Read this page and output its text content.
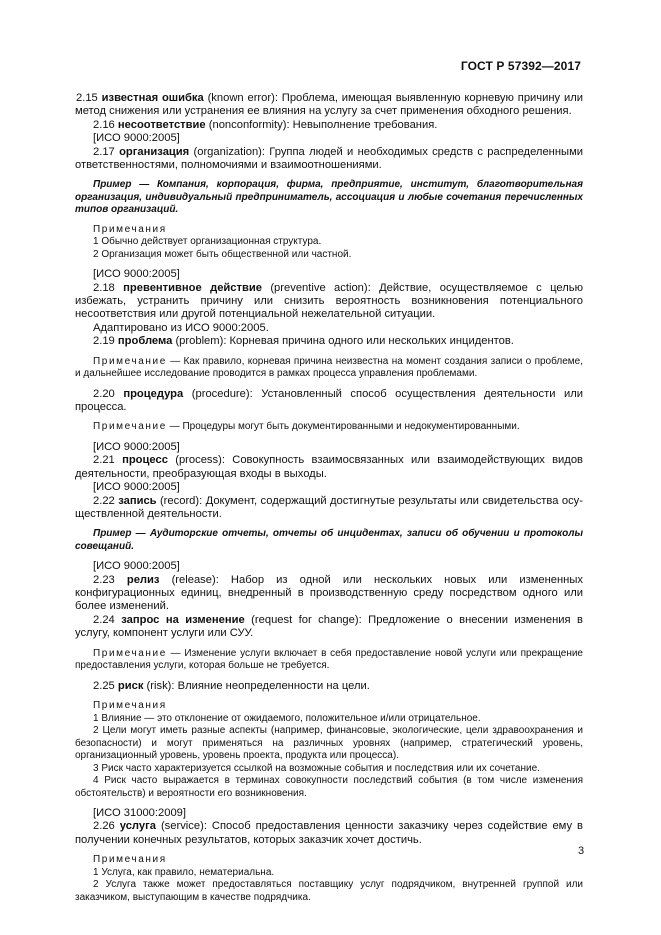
ГОСТ Р 57392—2017

2.15 известная ошибка (known error): Проблема, имеющая выявленную корневую причину или метод снижения или устранения ее влияния на услугу за счет применения обходного решения.

2.16 несоответствие (nonconformity): Невыполнение требования.

[ИСО 9000:2005]

2.17 организация (organization): Группа людей и необходимых средств с распределенными ответственностями, полномочиями и взаимоотношениями.

Пример — Компания, корпорация, фирма, предприятие, институт, благотворительная организация, индивидуальный предприниматель, ассоциация и любые сочетания перечисленных типов организаций.

Примечания

1 Обычно действует организационная структура.

2 Организация может быть общественной или частной.

[ИСО 9000:2005]

2.18 превентивное действие (preventive action): Действие, осуществляемое с целью избежать, устранить причину или снизить вероятность возникновения потенциального несоответствия или другой потенциальной нежелательной ситуации.

Адаптировано из ИСО 9000:2005.

2.19 проблема (problem): Корневая причина одного или нескольких инцидентов.

Примечание — Как правило, корневая причина неизвестна на момент создания записи о проблеме, и дальнейшее исследование проводится в рамках процесса управления проблемами.

2.20 процедура (procedure): Установленный способ осуществления деятельности или процесса.

Примечание — Процедуры могут быть документированными и недокументированными.

[ИСО 9000:2005]

2.21 процесс (process): Совокупность взаимосвязанных или взаимодействующих видов деятельности, преобразующая входы в выходы.

[ИСО 9000:2005]

2.22 запись (record): Документ, содержащий достигнутые результаты или свидетельства осуществленной деятельности.

Пример — Аудиторские отчеты, отчеты об инцидентах, записи об обучении и протоколы совещаний.

[ИСО 9000:2005]

2.23 релиз (release): Набор из одной или нескольких новых или измененных конфигурационных единиц, внедренный в производственную среду посредством одного или более изменений.

2.24 запрос на изменение (request for change): Предложение о внесении изменения в услугу, компонент услуги или СУУ.

Примечание — Изменение услуги включает в себя предоставление новой услуги или прекращение предоставления услуги, которая больше не требуется.

2.25 риск (risk): Влияние неопределенности на цели.

Примечания

1 Влияние — это отклонение от ожидаемого, положительное и/или отрицательное.

2 Цели могут иметь разные аспекты (например, финансовые, экологические, цели здравоохранения и безопасности) и могут применяться на различных уровнях (например, стратегический уровень, организационный уровень, уровень проекта, продукта или процесса).

3 Риск часто характеризуется ссылкой на возможные события и последствия или их сочетание.

4 Риск часто выражается в терминах совокупности последствий события (в том числе изменения обстоятельств) и вероятности его возникновения.

[ИСО 31000:2009]

2.26 услуга (service): Способ предоставления ценности заказчику через содействие ему в получении конечных результатов, которых заказчик хочет достичь.

Примечания

1 Услуга, как правило, нематериальна.

2 Услуга также может предоставляться поставщику услуг подрядчиком, внутренней группой или заказчиком, выступающим в качестве подрядчика.

3
